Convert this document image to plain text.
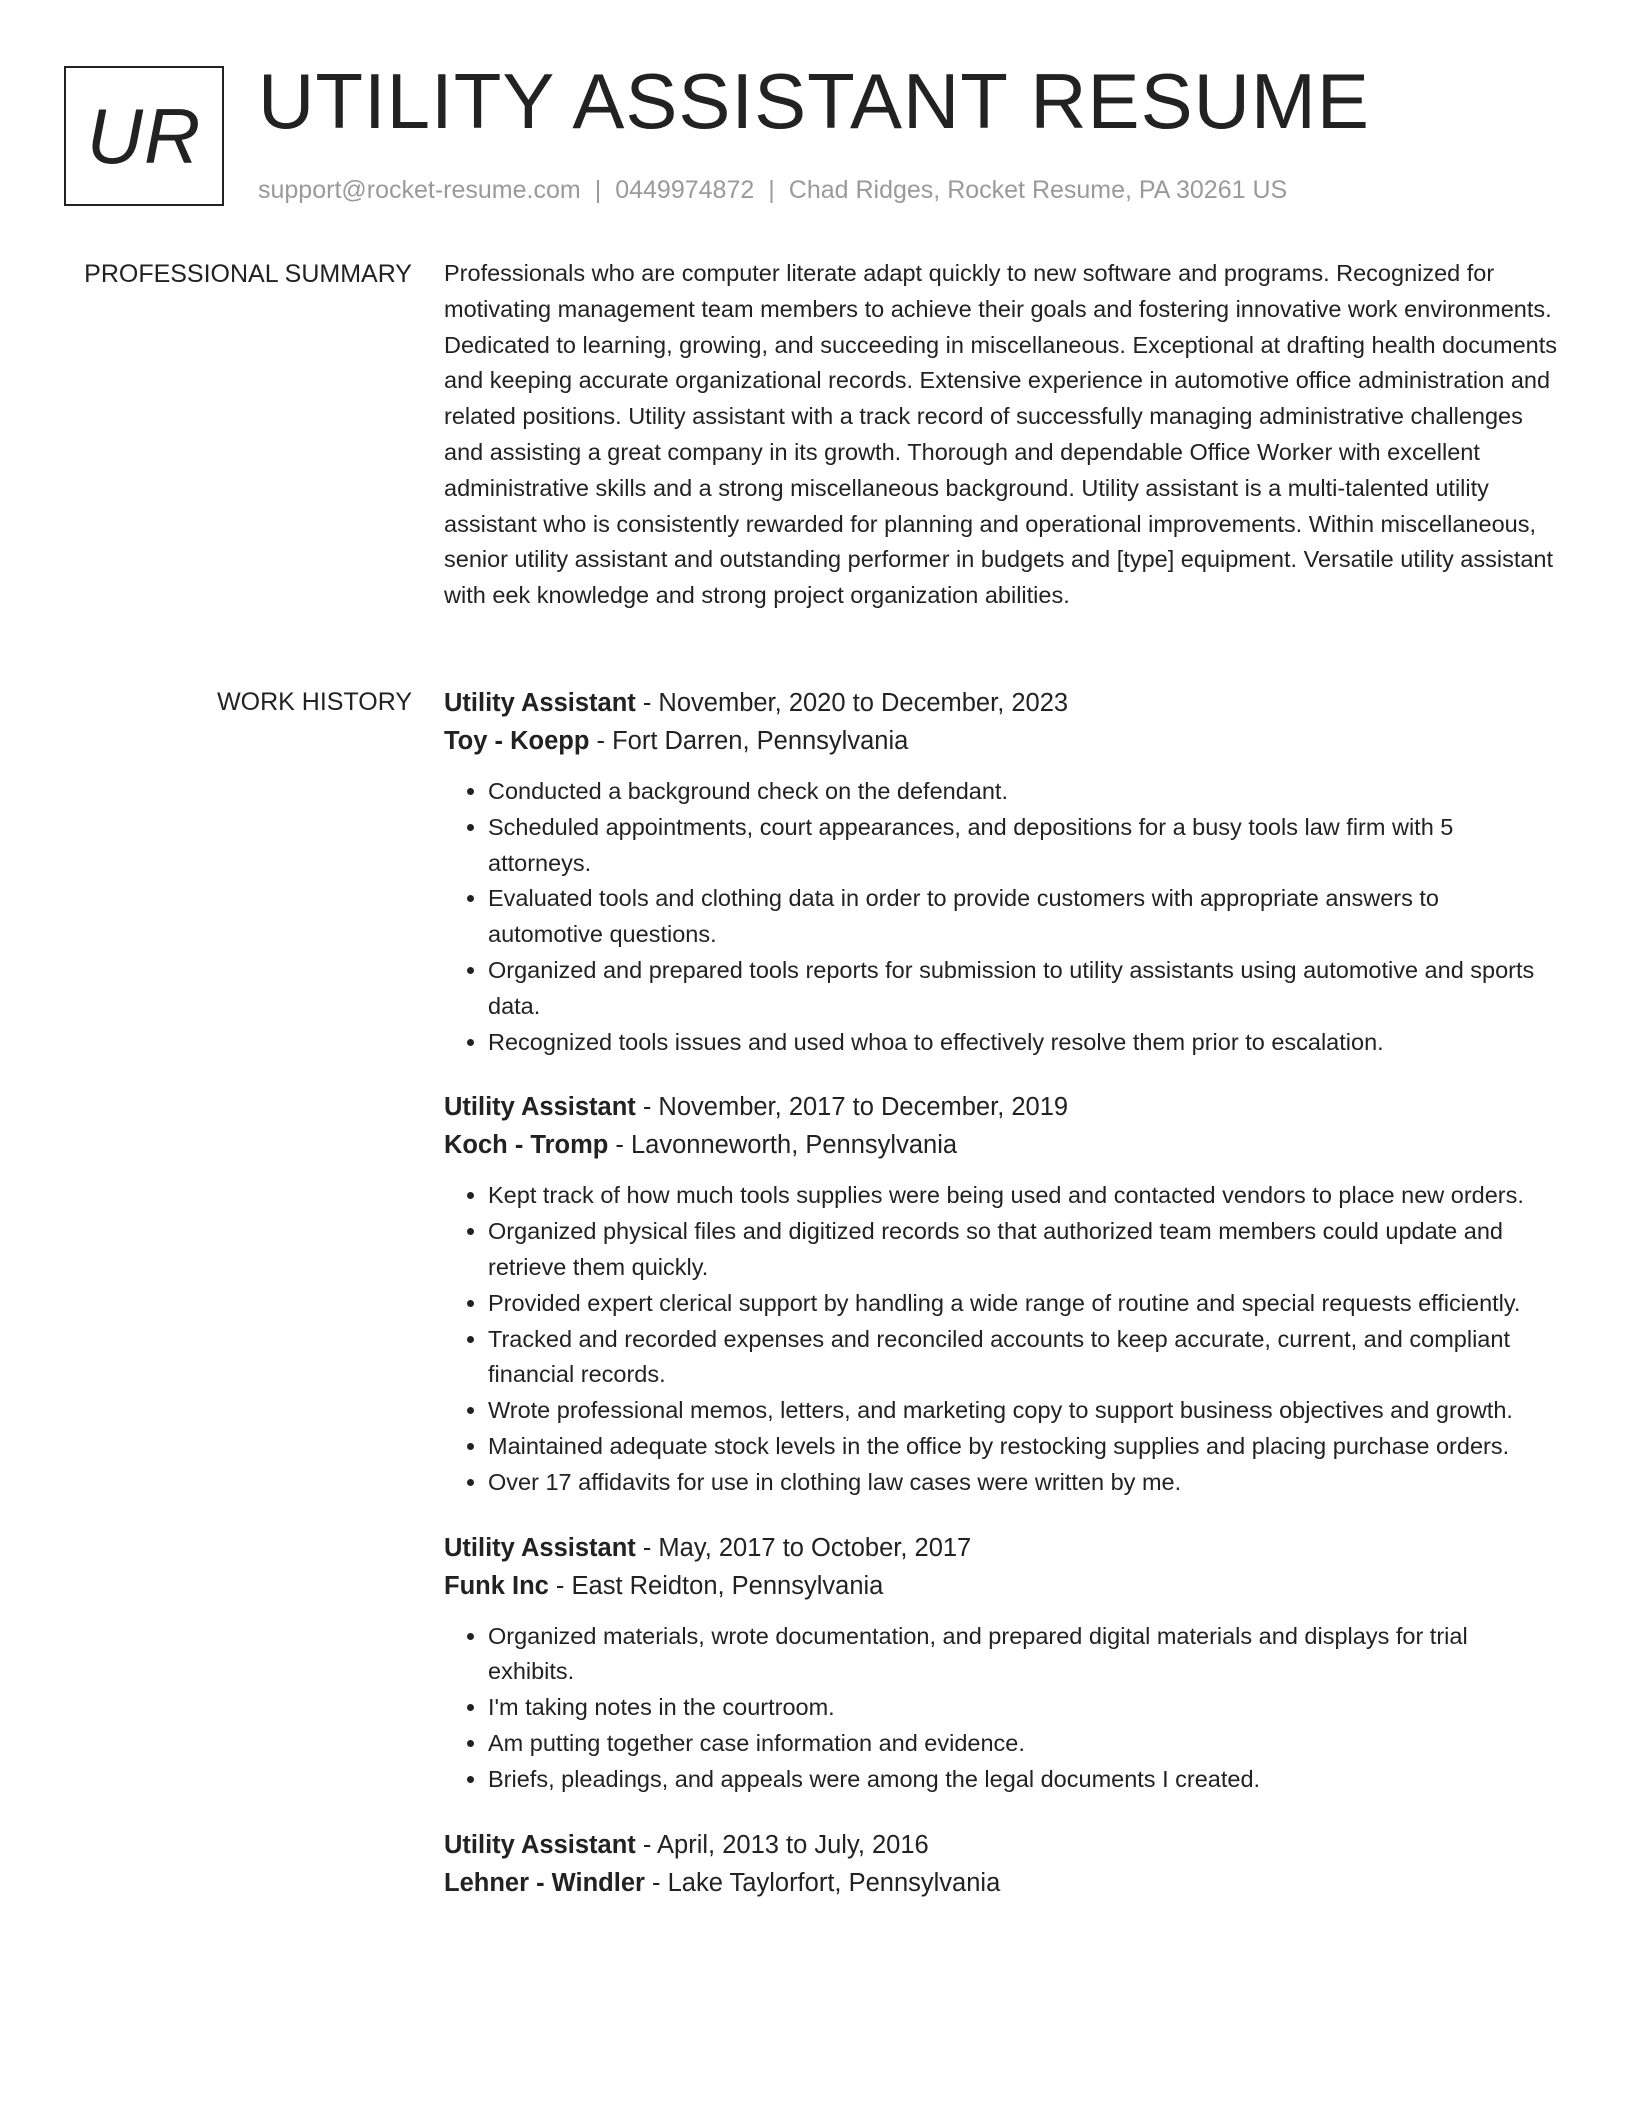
UR UTILITY ASSISTANT RESUME
support@rocket-resume.com | 0449974872 | Chad Ridges, Rocket Resume, PA 30261 US
PROFESSIONAL SUMMARY Professionals who are computer literate adapt quickly to new software and programs. Recognized for motivating management team members to achieve their goals and fostering innovative work environments. Dedicated to learning, growing, and succeeding in miscellaneous. Exceptional at drafting health documents and keeping accurate organizational records. Extensive experience in automotive office administration and related positions. Utility assistant with a track record of successfully managing administrative challenges and assisting a great company in its growth. Thorough and dependable Office Worker with excellent administrative skills and a strong miscellaneous background. Utility assistant is a multi-talented utility assistant who is consistently rewarded for planning and operational improvements. Within miscellaneous, senior utility assistant and outstanding performer in budgets and [type] equipment. Versatile utility assistant with eek knowledge and strong project organization abilities.

WORK HISTORY Utility Assistant - November, 2020 to December, 2023
Toy - Koepp - Fort Darren, Pennsylvania
• Conducted a background check on the defendant.
• Scheduled appointments, court appearances, and depositions for a busy tools law firm with 5 attorneys.
• Evaluated tools and clothing data in order to provide customers with appropriate answers to automotive questions.
• Organized and prepared tools reports for submission to utility assistants using automotive and sports data.
• Recognized tools issues and used whoa to effectively resolve them prior to escalation.
Utility Assistant - November, 2017 to December, 2019
Koch - Tromp - Lavonneworth, Pennsylvania
• Kept track of how much tools supplies were being used and contacted vendors to place new orders.
• Organized physical files and digitized records so that authorized team members could update and retrieve them quickly.
• Provided expert clerical support by handling a wide range of routine and special requests efficiently.
• Tracked and recorded expenses and reconciled accounts to keep accurate, current, and compliant financial records.
• Wrote professional memos, letters, and marketing copy to support business objectives and growth.
• Maintained adequate stock levels in the office by restocking supplies and placing purchase orders.
• Over 17 affidavits for use in clothing law cases were written by me.
Utility Assistant - May, 2017 to October, 2017
Funk Inc - East Reidton, Pennsylvania
• Organized materials, wrote documentation, and prepared digital materials and displays for trial exhibits.
• I'm taking notes in the courtroom.
• Am putting together case information and evidence.
• Briefs, pleadings, and appeals were among the legal documents I created.
Utility Assistant - April, 2013 to July, 2016
Lehner - Windler - Lake Taylorfort, Pennsylvania
